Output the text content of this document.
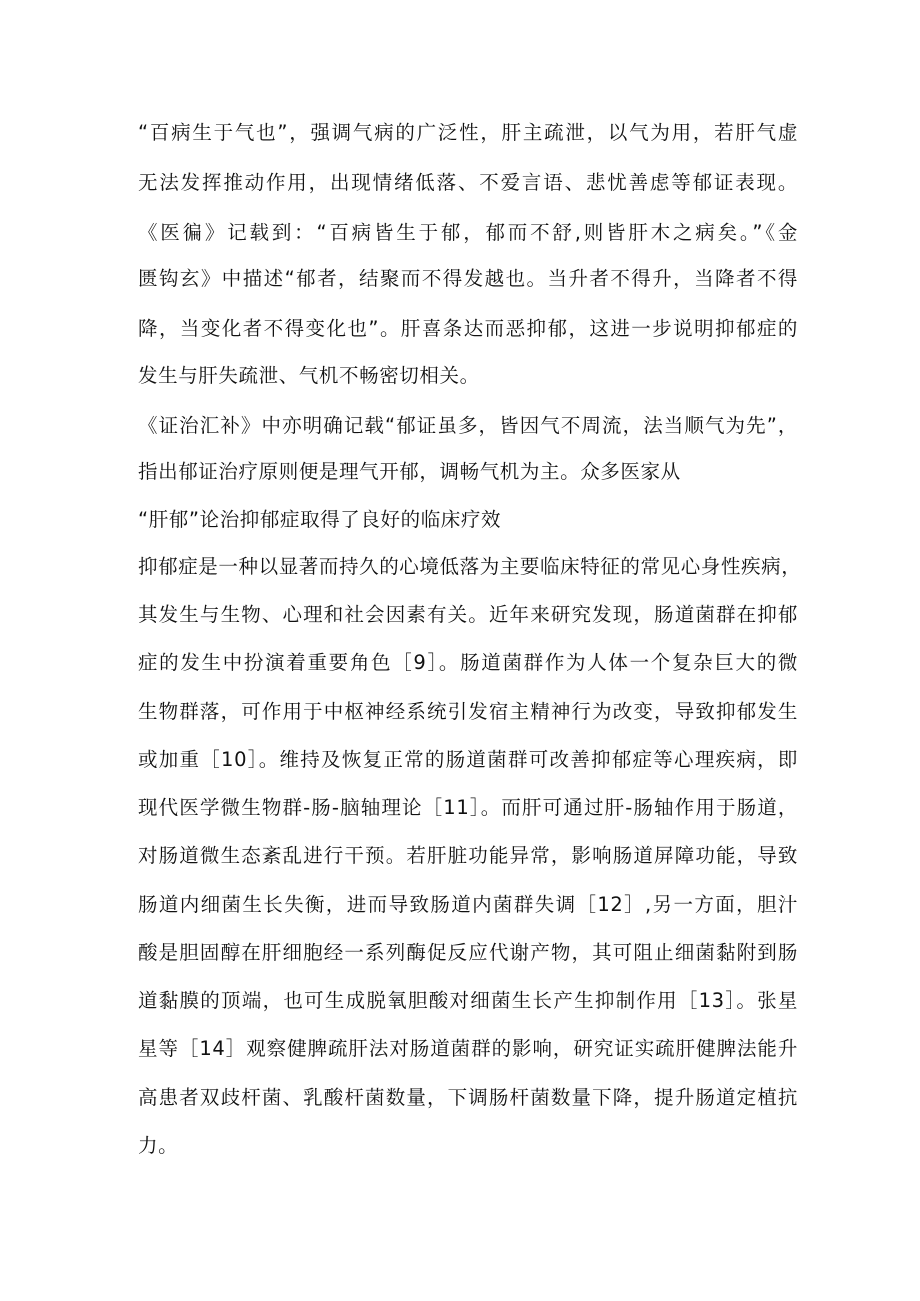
“百病生于气也”，强调气病的广泛性，肝主疏泄，以气为用，若肝气虚
无法发挥推动作用，出现情绪低落、不爱言语、悲忧善虑等郁证表现。
《医徧》记载到：“百病皆生于郁，郁而不舒,则皆肝木之病矣。”《金
匮钩玄》中描述“郁者，结聚而不得发越也。当升者不得升，当降者不得
降，当变化者不得变化也”。肝喜条达而恶抑郁，这进一步说明抑郁症的
发生与肝失疏泄、气机不畅密切相关。
《证治汇补》中亦明确记载“郁证虽多，皆因气不周流，法当顺气为先”，
指出郁证治疗原则便是理气开郁，调畅气机为主。众多医家从
“肝郁”论治抑郁症取得了良好的临床疗效
抑郁症是一种以显著而持久的心境低落为主要临床特征的常见心身性疾病，
其发生与生物、心理和社会因素有关。近年来研究发现，肠道菌群在抑郁
症的发生中扮演着重要角色［9］。肠道菌群作为人体一个复杂巨大的微
生物群落，可作用于中枢神经系统引发宿主精神行为改变，导致抑郁发生
或加重［10］。维持及恢复正常的肠道菌群可改善抑郁症等心理疾病，即
现代医学微生物群-肠-脑轴理论［11］。而肝可通过肝-肠轴作用于肠道，
对肠道微生态紊乱进行干预。若肝脏功能异常，影响肠道屏障功能，导致
肠道内细菌生长失衡，进而导致肠道内菌群失调［12］,另一方面，胆汁
酸是胆固醇在肝细胞经一系列酶促反应代谢产物，其可阻止细菌黏附到肠
道黏膜的顶端，也可生成脱氧胆酸对细菌生长产生抑制作用［13］。张星
星等［14］观察健脾疏肝法对肠道菌群的影响，研究证实疏肝健脾法能升
高患者双歧杆菌、乳酸杆菌数量，下调肠杆菌数量下降，提升肠道定植抗
力。
